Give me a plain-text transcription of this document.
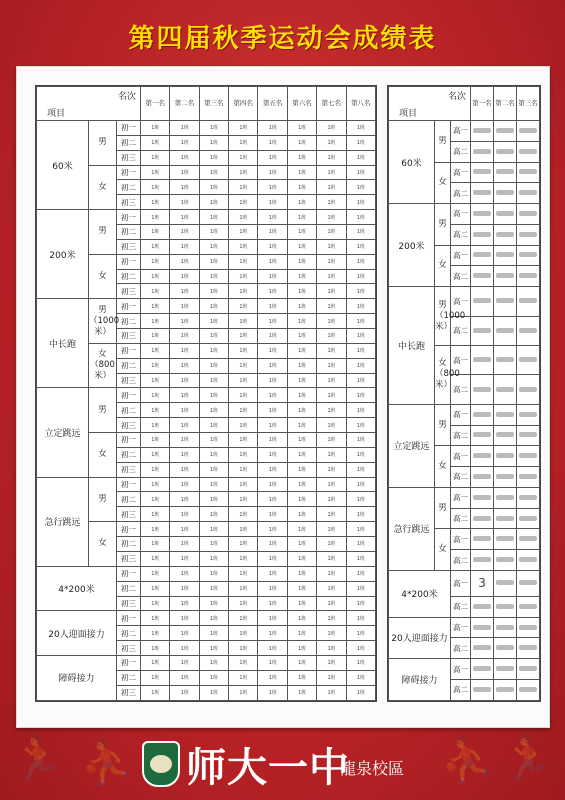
第四届秋季运动会成绩表
名次
项目			第一名	第二名	第三名	第四名	第五名	第六名	第七名	第八名
60米	男	初一	1班	1班	1班	1班	1班	1班	1班	1班
		初二	1班	1班	1班	1班	1班	1班	1班	1班
		初三	1班	1班	1班	1班	1班	1班	1班	1班
	女	初一	1班	1班	1班	1班	1班	1班	1班	1班
		初二	1班	1班	1班	1班	1班	1班	1班	1班
		初三	1班	1班	1班	1班	1班	1班	1班	1班
200米	男	初一	1班	1班	1班	1班	1班	1班	1班	1班
		初二	1班	1班	1班	1班	1班	1班	1班	1班
		初三	1班	1班	1班	1班	1班	1班	1班	1班
	女	初一	1班	1班	1班	1班	1班	1班	1班	1班
		初二	1班	1班	1班	1班	1班	1班	1班	1班
		初三	1班	1班	1班	1班	1班	1班	1班	1班
中长跑	男（1000米）	初一	1班	1班	1班	1班	1班	1班	1班	1班
		初二	1班	1班	1班	1班	1班	1班	1班	1班
		初三	1班	1班	1班	1班	1班	1班	1班	1班
	女（800米）	初一	1班	1班	1班	1班	1班	1班	1班	1班
		初二	1班	1班	1班	1班	1班	1班	1班	1班
		初三	1班	1班	1班	1班	1班	1班	1班	1班
立定跳远	男	初一	1班	1班	1班	1班	1班	1班	1班	1班
		初二	1班	1班	1班	1班	1班	1班	1班	1班
		初三	1班	1班	1班	1班	1班	1班	1班	1班
	女	初一	1班	1班	1班	1班	1班	1班	1班	1班
		初二	1班	1班	1班	1班	1班	1班	1班	1班
		初三	1班	1班	1班	1班	1班	1班	1班	1班
急行跳远	男	初一	1班	1班	1班	1班	1班	1班	1班	1班
		初二	1班	1班	1班	1班	1班	1班	1班	1班
		初三	1班	1班	1班	1班	1班	1班	1班	1班
	女	初一	1班	1班	1班	1班	1班	1班	1班	1班
		初二	1班	1班	1班	1班	1班	1班	1班	1班
		初三	1班	1班	1班	1班	1班	1班	1班	1班
4*200米		初一	1班	1班	1班	1班	1班	1班	1班	1班
		初二	1班	1班	1班	1班	1班	1班	1班	1班
		初三	1班	1班	1班	1班	1班	1班	1班	1班
20人迎面接力		初一	1班	1班	1班	1班	1班	1班	1班	1班
		初二	1班	1班	1班	1班	1班	1班	1班	1班
		初三	1班	1班	1班	1班	1班	1班	1班	1班
障碍接力		初一	1班	1班	1班	1班	1班	1班	1班	1班
		初二	1班	1班	1班	1班	1班	1班	1班	1班
		初三	1班	1班	1班	1班	1班	1班	1班	1班
名次
项目			第一名	第二名	第三名
60米	男	高一			
		高二			
	女	高一			
		高二			
200米	男	高一			
		高二			
	女	高一			
		高二			
中长跑	男（1000米）	高一			
		高二			
	女（800米）	高一			
		高二			
立定跳远	男	高一			
		高二			
	女	高一			
		高二			
急行跳远	男	高一			
		高二			
	女	高一			
		高二			
4*200米		高一	3		
		高二			
20人迎面接力		高一			
		高二			
障碍接力		高一			
		高二			
🏃 ⛹	⛹ 🏃
师大一中
龍泉校區
